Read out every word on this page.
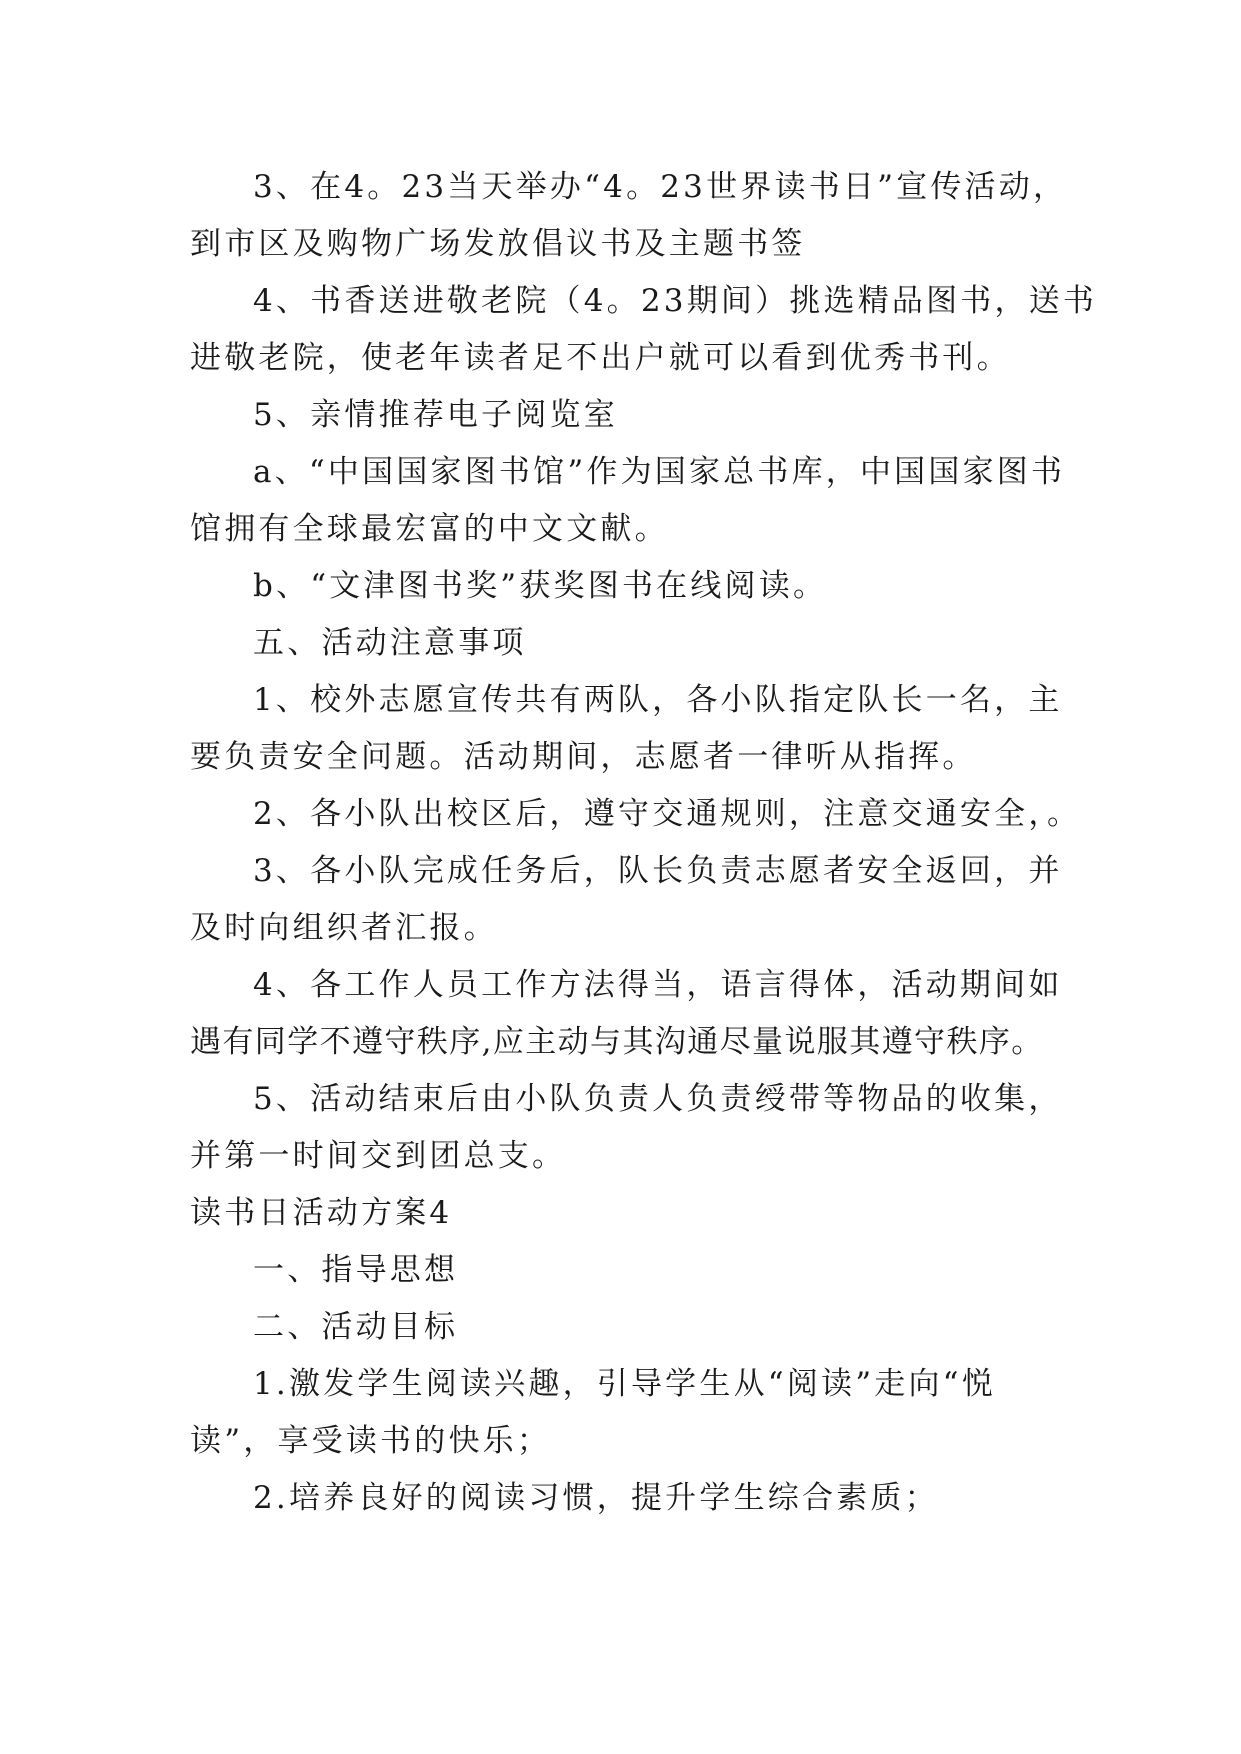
3、在4。23当天举办“4。23世界读书日”宣传活动，
到市区及购物广场发放倡议书及主题书签
4、书香送进敬老院（4。23期间）挑选精品图书，送书
进敬老院，使老年读者足不出户就可以看到优秀书刊。
5、亲情推荐电子阅览室
a、“中国国家图书馆”作为国家总书库，中国国家图书
馆拥有全球最宏富的中文文献。
b、“文津图书奖”获奖图书在线阅读。
五、活动注意事项
1、校外志愿宣传共有两队，各小队指定队长一名，主
要负责安全问题。活动期间，志愿者一律听从指挥。
2、各小队出校区后，遵守交通规则，注意交通安全，。
3、各小队完成任务后，队长负责志愿者安全返回，并
及时向组织者汇报。
4、各工作人员工作方法得当，语言得体，活动期间如
遇有同学不遵守秩序,应主动与其沟通尽量说服其遵守秩序。
5、活动结束后由小队负责人负责绶带等物品的收集，
并第一时间交到团总支。
读书日活动方案4
一、指导思想
二、活动目标
1.激发学生阅读兴趣，引导学生从“阅读”走向“悦
读”，享受读书的快乐；
2.培养良好的阅读习惯，提升学生综合素质；
